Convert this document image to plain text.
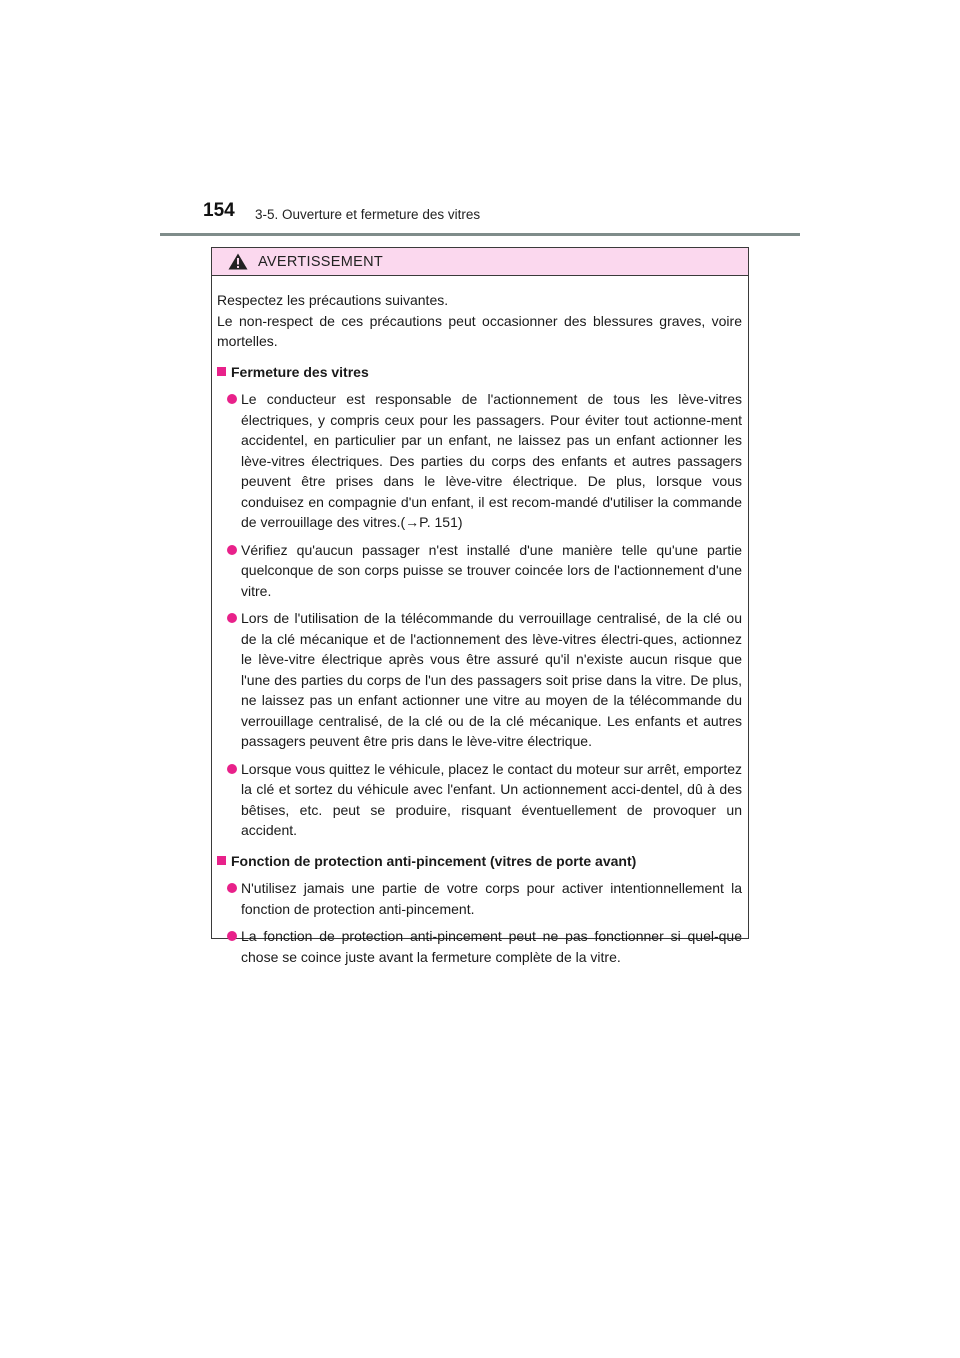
154 3-5. Ouverture et fermeture des vitres
AVERTISSEMENT

Respectez les précautions suivantes.

Le non-respect de ces précautions peut occasionner des blessures graves, voire mortelles.

Fermeture des vitres
Le conducteur est responsable de l'actionnement de tous les lève-vitres électriques, y compris ceux pour les passagers. Pour éviter tout actionne-ment accidentel, en particulier par un enfant, ne laissez pas un enfant actionner les lève-vitres électriques. Des parties du corps des enfants et autres passagers peuvent être prises dans le lève-vitre électrique. De plus, lorsque vous conduisez en compagnie d'un enfant, il est recom-mandé d'utiliser la commande de verrouillage des vitres.(→P. 151)
Vérifiez qu'aucun passager n'est installé d'une manière telle qu'une partie quelconque de son corps puisse se trouver coincée lors de l'actionnement d'une vitre.
Lors de l'utilisation de la télécommande du verrouillage centralisé, de la clé ou de la clé mécanique et de l'actionnement des lève-vitres électri-ques, actionnez le lève-vitre électrique après vous être assuré qu'il n'existe aucun risque que l'une des parties du corps de l'un des passagers soit prise dans la vitre. De plus, ne laissez pas un enfant actionner une vitre au moyen de la télécommande du verrouillage centralisé, de la clé ou de la clé mécanique. Les enfants et autres passagers peuvent être pris dans le lève-vitre électrique.
Lorsque vous quittez le véhicule, placez le contact du moteur sur arrêt, emportez la clé et sortez du véhicule avec l'enfant. Un actionnement acci-dentel, dû à des bêtises, etc. peut se produire, risquant éventuellement de provoquer un accident.
Fonction de protection anti-pincement (vitres de porte avant)
N'utilisez jamais une partie de votre corps pour activer intentionnellement la fonction de protection anti-pincement.
La fonction de protection anti-pincement peut ne pas fonctionner si quel-que chose se coince juste avant la fermeture complète de la vitre.
